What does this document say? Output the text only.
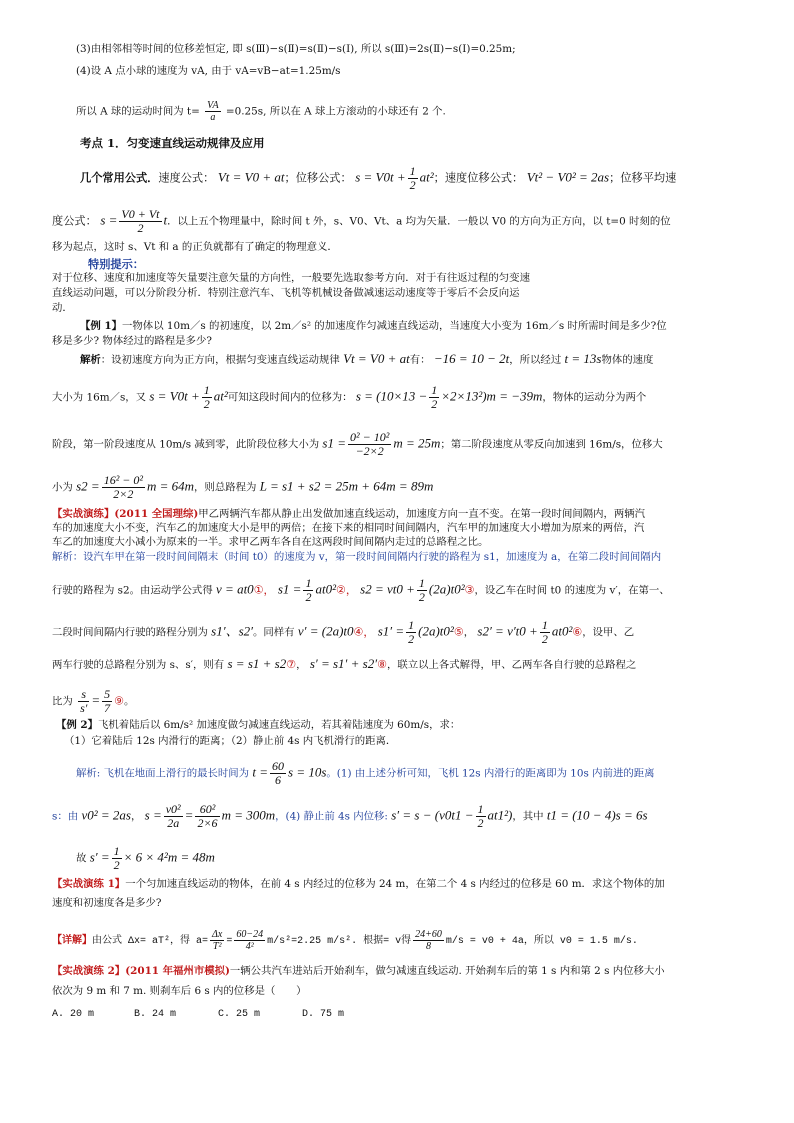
(3)由相邻相等时间的位移差恒定, 即 s(Ⅲ)−s(Ⅱ)=s(Ⅱ)−s(Ⅰ), 所以 s(Ⅲ)=2s(Ⅱ)−s(Ⅰ)=0.25m;
(4)设 A 点小球的速度为 vA, 由于 vA=vB−at=1.25m/s
所以 A 球的运动时间为 $t= \frac{VA}{a} =0.25s$, 所以在 A 球上方滚动的小球还有 2 个.
考点 1．匀变速直线运动规律及应用
几个常用公式．速度公式： Vt = V0 + at；位移公式： $s = V0t + \frac{1}{2} at^2$；速度位移公式： Vt² − V0² = 2as；位移平均速
度公式： $s = \frac{V0 + Vt}{2}$ t．以上五个物理量中，除时间 t 外，s、V0、Vt、a 均为矢量．一般以 V0 的方向为正方向，以 t=0 时刻的位
移为起点，这时 s、Vt 和 a 的正负就都有了确定的物理意义．
特别提示：
对于位移、速度和加速度等矢量要注意矢量的方向性，一般要先选取参考方向．对于有往返过程的匀变速
直线运动问题，可以分阶段分析．特别注意汽车、飞机等机械设备做减速运动速度等于零后不会反向运
动．
【例 1】一物体以 10m／s 的初速度，以 2m／s² 的加速度作匀减速直线运动，当速度大小变为 16m／s 时所需时间是多少?位
移是多少? 物体经过的路程是多少?
解析：设初速度方向为正方向，根据匀变速直线运动规律 Vt = V0 + at有： −16 = 10 − 2t，所以经过 t = 13s物体的速度
大小为 16m／s，又 $s = V0t + \frac{1}{2} at^2$可知这段时间内的位移为： $s = (10\times 13 - \frac{1}{2} \times 2\times 13^2)m = -39m$，物体的运动分为两个
阶段，第一阶段速度从 10m/s 减到零，此阶段位移大小为 $s1 = \frac{\text{0² − 10²}}{-2\times 2}$ m = 25m；第二阶段速度从零反向加速到 16m/s，位移大
小为 $s2 = \frac{\text{16² − 0²}}{2\times 2}$ m = 64m，则总路程为 L = s1 + s2 = 25m + 64m = 89m
【实战演练】(2011 全国理综)甲乙两辆汽车都从静止出发做加速直线运动，加速度方向一直不变。在第一段时间间隔内，两辆汽
车的加速度大小不变，汽车乙的加速度大小是甲的两倍；在接下来的相同时间间隔内，汽车甲的加速度大小增加为原来的两倍，汽
车乙的加速度大小减小为原来的一半。求甲乙两车各自在这两段时间间隔内走过的总路程之比。
解析：设汽车甲在第一段时间间隔末（时间 t0）的速度为 v，第一段时间间隔内行驶的路程为 s1，加速度为 a，在第二段时间间隔内
行驶的路程为 s2。由运动学公式得 v = at0①， $s1 = \frac{1}{2}$ at0²②， $s2 = vt0 + \frac{1}{2}$ (2a)t0²③，设乙车在时间 t0 的速度为 v′，在第一、
二段时间间隔内行驶的路程分别为 s1′、s2′。同样有 v′ = (2a)t0④， $s1' = \frac{1}{2}$ (2a)t0²⑤， $s2' = v't0 + \frac{1}{2}$ at0²⑥，设甲、乙
两车行驶的总路程分别为 s、s′，则有 s = s1 + s2⑦， s′ = s1′ + s2′⑧，联立以上各式解得，甲、乙两车各自行驶的总路程之
比为 $\frac{s}{s'} = \frac{5}{7}$ ⑨。
【例 2】飞机着陆后以 6m/s² 加速度做匀减速直线运动，若其着陆速度为 60m/s，求：
（1）它着陆后 12s 内滑行的距离；（2）静止前 4s 内飞机滑行的距离．
解析: 飞机在地面上滑行的最长时间为 $t = \frac{60}{6}$ s = 10s。(1) 由上述分析可知，飞机 12s 内滑行的距离即为 10s 内前进的距离
s：由 v0² = 2as， $s = \frac{\text{v0²}}{2a} = \frac{\text{60²}}{2\times 6}$ m = 300m，(4) 静止前 4s 内位移: $s' = s - (v0t1 - \frac{1}{2} at1^2)$，其中 t1 = (10 − 4)s = 6s
故 $s' = \frac{1}{2} \times 6 \times 4^2m = 48m$
【实战演练 1】一个匀加速直线运动的物体，在前 4 s 内经过的位移为 24 m，在第二个 4 s 内经过的位移是 60 m．求这个物体的加
速度和初速度各是多少?
【详解】由公式 Δx= aT²，得 $a= \frac{\Delta x}{\text{T²}} = \frac{60-24}{\text{4²}} m/s^2=2.25$ m/s². 根据= v得 $\frac{24+60}{8} m/s = v0 + 4a$，所以 v0 = 1.5 m/s.
【实战演练 2】(2011 年福州市模拟)一辆公共汽车进站后开始刹车，做匀减速直线运动. 开始刹车后的第 1 s 内和第 2 s 内位移大小
依次为 9 m 和 7 m. 则刹车后 6 s 内的位移是（　　）
A. 20 m	B. 24 m	C. 25 m	D. 75 m
